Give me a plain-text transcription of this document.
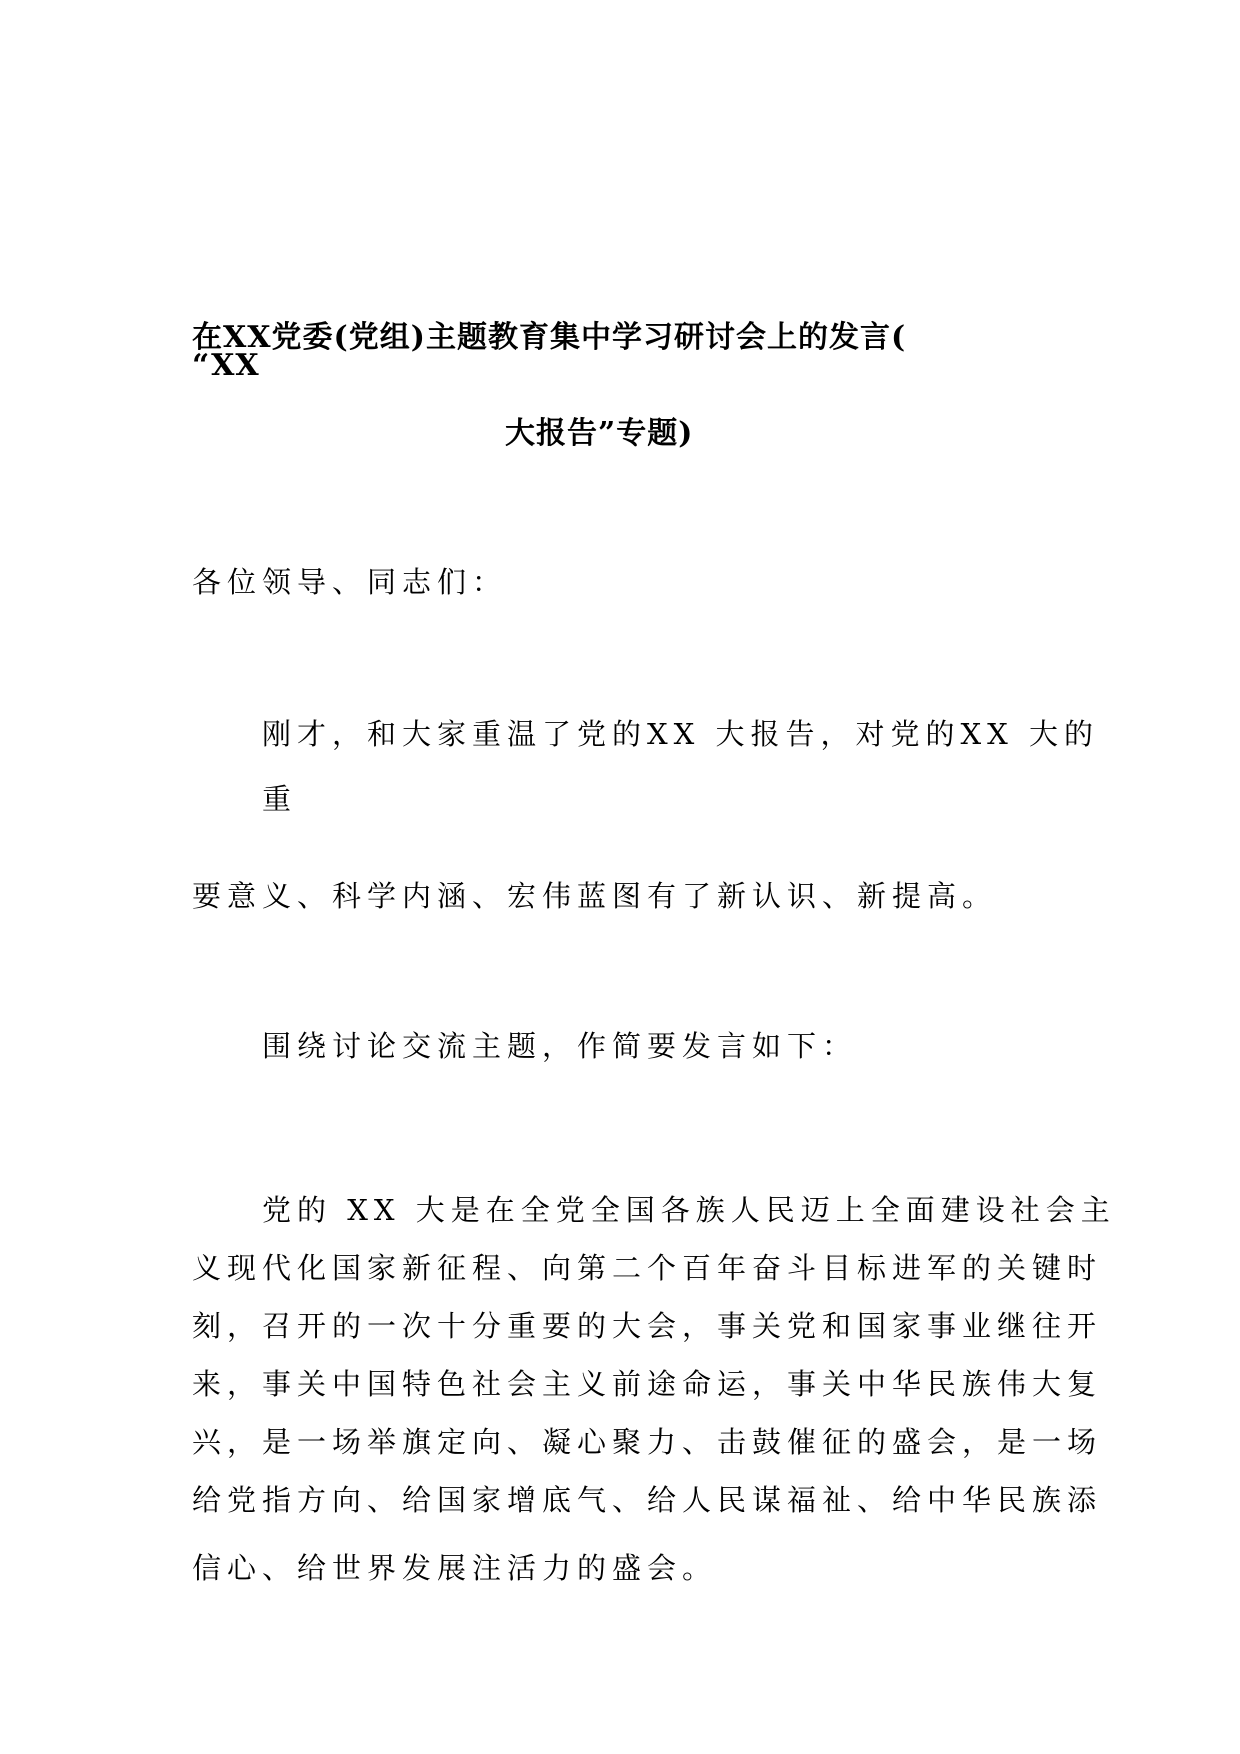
在XX党委(党组)主题教育集中学习研讨会上的发言(

“XX

大报告”专题)

各位领导、同志们：

刚才，和大家重温了党的XX 大报告，对党的XX 大的

重

要意义、科学内涵、宏伟蓝图有了新认识、新提高。

围绕讨论交流主题，作简要发言如下：

党的 XX 大是在全党全国各族人民迈上全面建设社会主

义现代化国家新征程、向第二个百年奋斗目标进军的关键时

刻，召开的一次十分重要的大会，事关党和国家事业继往开

来，事关中国特色社会主义前途命运，事关中华民族伟大复

兴，是一场举旗定向、凝心聚力、击鼓催征的盛会，是一场

给党指方向、给国家增底气、给人民谋福祉、给中华民族添

信心、给世界发展注活力的盛会。
